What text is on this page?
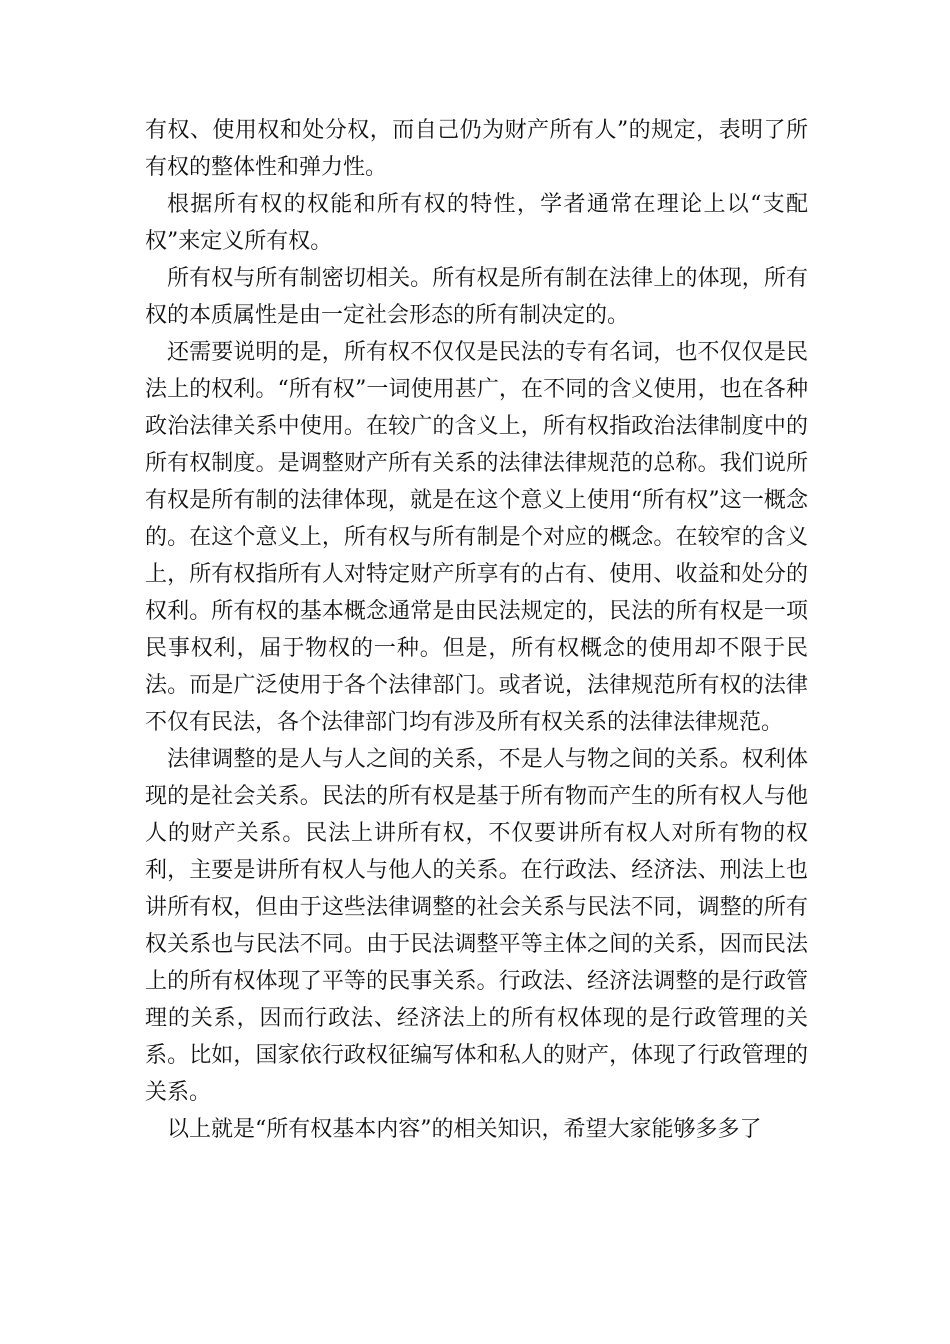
有权、使用权和处分权，而自己仍为财产所有人”的规定，表明了所有权的整体性和弹力性。

根据所有权的权能和所有权的特性，学者通常在理论上以“支配权”来定义所有权。

所有权与所有制密切相关。所有权是所有制在法律上的体现，所有权的本质属性是由一定社会形态的所有制决定的。

还需要说明的是，所有权不仅仅是民法的专有名词，也不仅仅是民法上的权利。“所有权”一词使用甚广，在不同的含义使用，也在各种政治法律关系中使用。在较广的含义上，所有权指政治法律制度中的所有权制度。是调整财产所有关系的法律法律规范的总称。我们说所有权是所有制的法律体现，就是在这个意义上使用“所有权”这一概念的。在这个意义上，所有权与所有制是个对应的概念。在较窄的含义上，所有权指所有人对特定财产所享有的占有、使用、收益和处分的权利。所有权的基本概念通常是由民法规定的，民法的所有权是一项民事权利，届于物权的一种。但是，所有权概念的使用却不限于民法。而是广泛使用于各个法律部门。或者说，法律规范所有权的法律不仅有民法，各个法律部门均有涉及所有权关系的法律法律规范。

法律调整的是人与人之间的关系，不是人与物之间的关系。权利体现的是社会关系。民法的所有权是基于所有物而产生的所有权人与他人的财产关系。民法上讲所有权，不仅要讲所有权人对所有物的权利，主要是讲所有权人与他人的关系。在行政法、经济法、刑法上也讲所有权，但由于这些法律调整的社会关系与民法不同，调整的所有权关系也与民法不同。由于民法调整平等主体之间的关系，因而民法上的所有权体现了平等的民事关系。行政法、经济法调整的是行政管理的关系，因而行政法、经济法上的所有权体现的是行政管理的关系。比如，国家依行政权征编写体和私人的财产，体现了行政管理的关系。

以上就是“所有权基本内容”的相关知识，希望大家能够多多了
